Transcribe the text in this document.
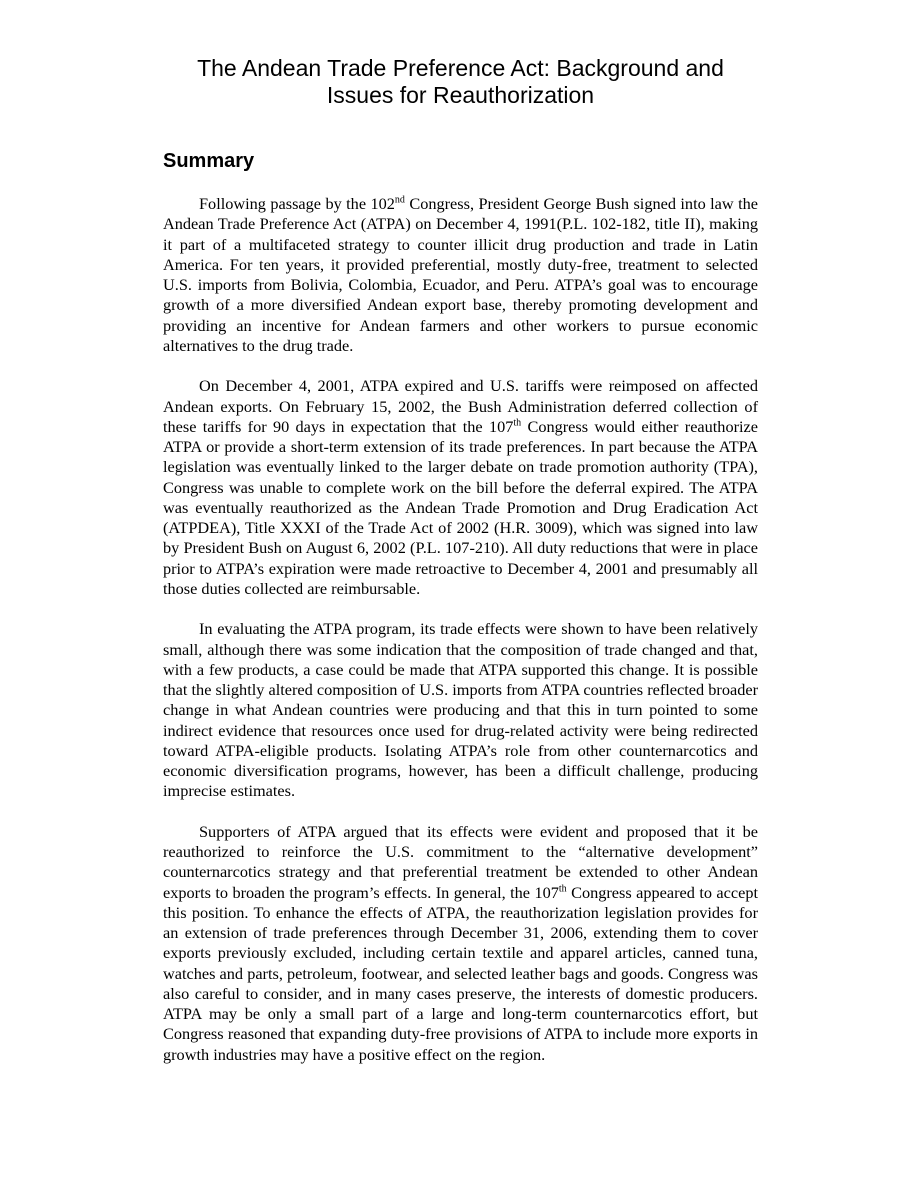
The Andean Trade Preference Act: Background and
Issues for Reauthorization
Summary

Following passage by the 102nd Congress, President George Bush signed into law the Andean Trade Preference Act (ATPA) on December 4, 1991(P.L. 102-182, title II), making it part of a multifaceted strategy to counter illicit drug production and trade in Latin America. For ten years, it provided preferential, mostly duty-free, treatment to selected U.S. imports from Bolivia, Colombia, Ecuador, and Peru. ATPA’s goal was to encourage growth of a more diversified Andean export base, thereby promoting development and providing an incentive for Andean farmers and other workers to pursue economic alternatives to the drug trade.

On December 4, 2001, ATPA expired and U.S. tariffs were reimposed on affected Andean exports. On February 15, 2002, the Bush Administration deferred collection of these tariffs for 90 days in expectation that the 107th Congress would either reauthorize ATPA or provide a short-term extension of its trade preferences. In part because the ATPA legislation was eventually linked to the larger debate on trade promotion authority (TPA), Congress was unable to complete work on the bill before the deferral expired. The ATPA was eventually reauthorized as the Andean Trade Promotion and Drug Eradication Act (ATPDEA), Title XXXI of the Trade Act of 2002 (H.R. 3009), which was signed into law by President Bush on August 6, 2002 (P.L. 107-210). All duty reductions that were in place prior to ATPA’s expiration were made retroactive to December 4, 2001 and presumably all those duties collected are reimbursable.

In evaluating the ATPA program, its trade effects were shown to have been relatively small, although there was some indication that the composition of trade changed and that, with a few products, a case could be made that ATPA supported this change. It is possible that the slightly altered composition of U.S. imports from ATPA countries reflected broader change in what Andean countries were producing and that this in turn pointed to some indirect evidence that resources once used for drug-related activity were being redirected toward ATPA-eligible products. Isolating ATPA’s role from other counternarcotics and economic diversification programs, however, has been a difficult challenge, producing imprecise estimates.

Supporters of ATPA argued that its effects were evident and proposed that it be reauthorized to reinforce the U.S. commitment to the “alternative development” counternarcotics strategy and that preferential treatment be extended to other Andean exports to broaden the program’s effects. In general, the 107th Congress appeared to accept this position. To enhance the effects of ATPA, the reauthorization legislation provides for an extension of trade preferences through December 31, 2006, extending them to cover exports previously excluded, including certain textile and apparel articles, canned tuna, watches and parts, petroleum, footwear, and selected leather bags and goods. Congress was also careful to consider, and in many cases preserve, the interests of domestic producers. ATPA may be only a small part of a large and long-term counternarcotics effort, but Congress reasoned that expanding duty-free provisions of ATPA to include more exports in growth industries may have a positive effect on the region.
